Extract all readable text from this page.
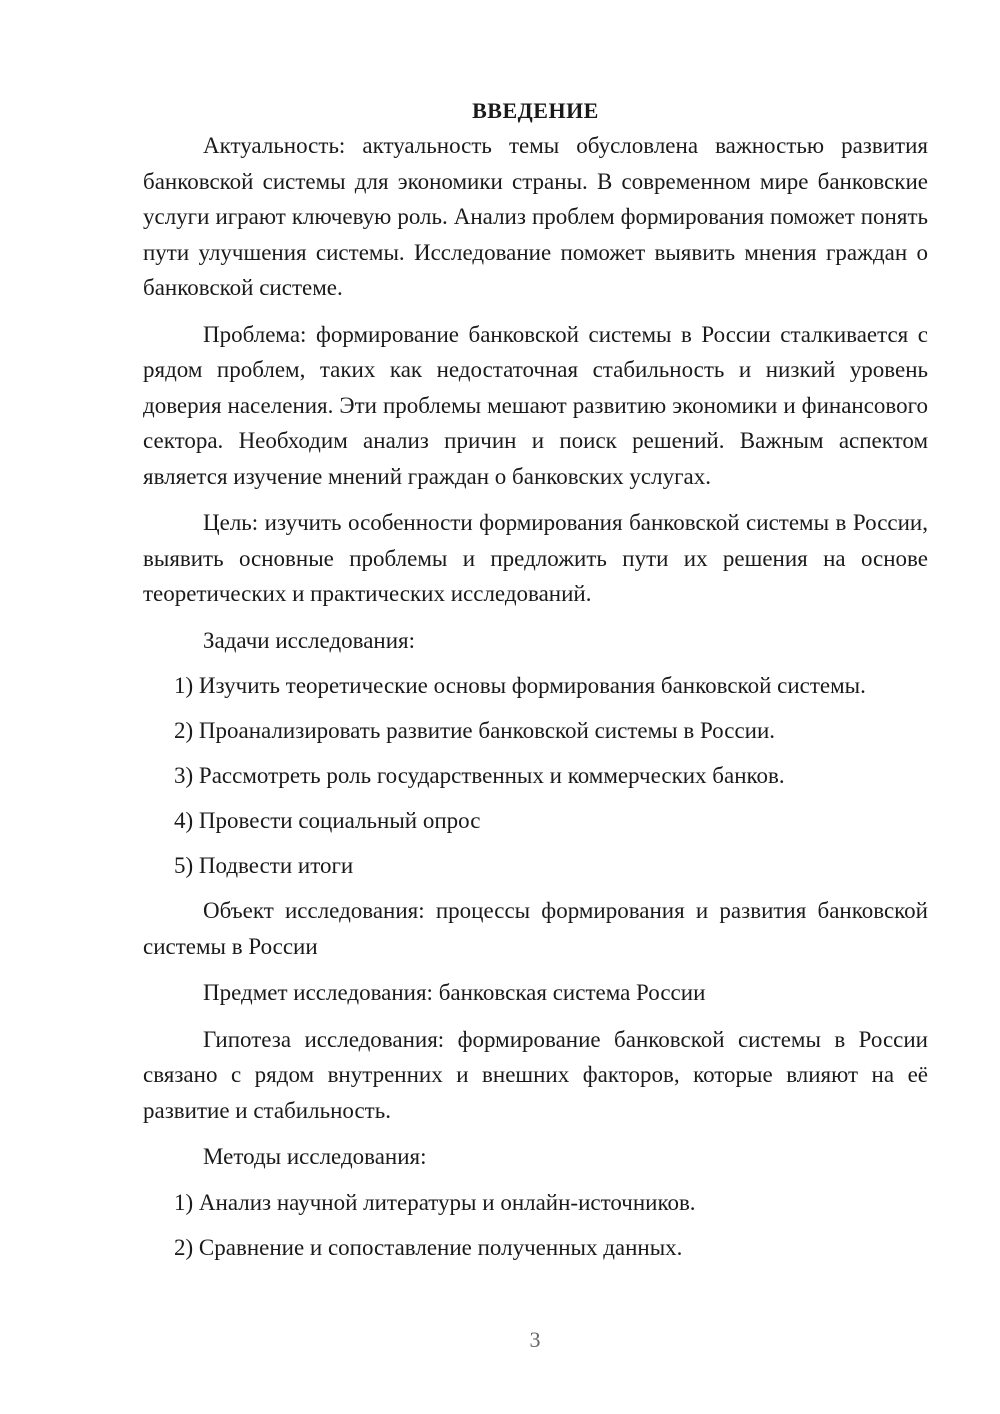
ВВЕДЕНИЕ

Актуальность: актуальность темы обусловлена важностью развития банковской системы для экономики страны. В современном мире банковские услуги играют ключевую роль. Анализ проблем формирования поможет понять пути улучшения системы. Исследование поможет выявить мнения граждан о банковской системе.

Проблема: формирование банковской системы в России сталкивается с рядом проблем, таких как недостаточная стабильность и низкий уровень доверия населения. Эти проблемы мешают развитию экономики и финансового сектора. Необходим анализ причин и поиск решений. Важным аспектом является изучение мнений граждан о банковских услугах.

Цель: изучить особенности формирования банковской системы в России, выявить основные проблемы и предложить пути их решения на основе теоретических и практических исследований.

Задачи исследования:

1) Изучить теоретические основы формирования банковской системы.

2) Проанализировать развитие банковской системы в России.

3) Рассмотреть роль государственных и коммерческих банков.

4) Провести социальный опрос

5) Подвести итоги

Объект исследования: процессы формирования и развития банковской системы в России

Предмет исследования: банковская система России

Гипотеза исследования: формирование банковской системы в России связано с рядом внутренних и внешних факторов, которые влияют на её развитие и стабильность.

Методы исследования:

1) Анализ научной литературы и онлайн-источников.

2) Сравнение и сопоставление полученных данных.

3
